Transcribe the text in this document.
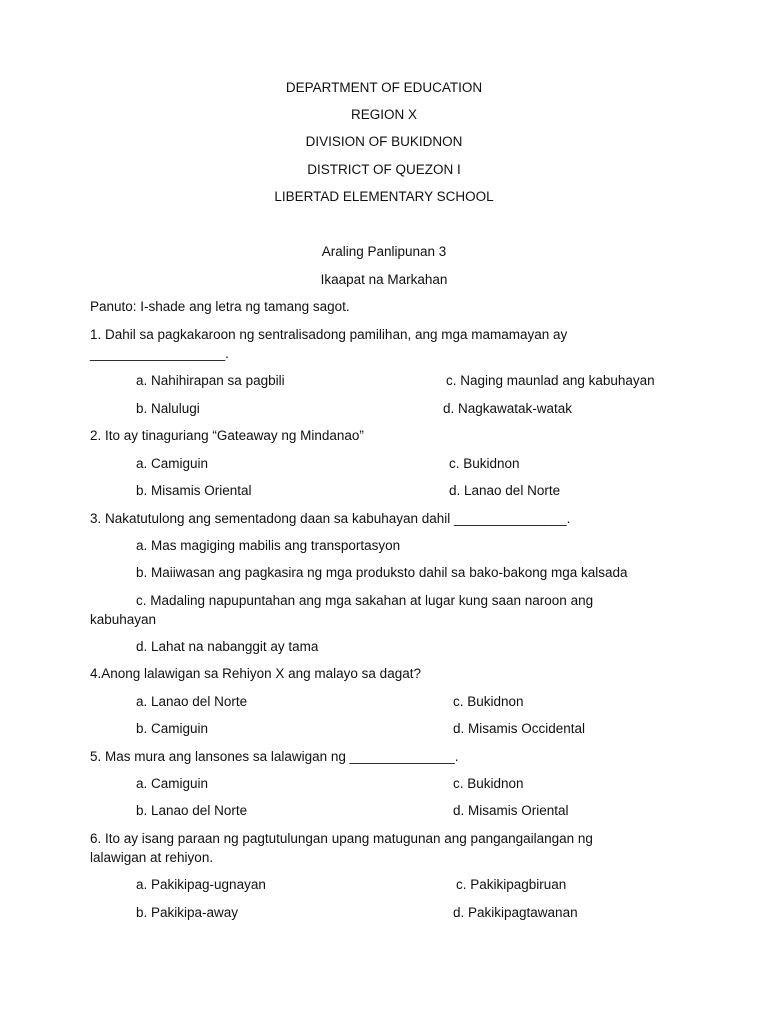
DEPARTMENT OF EDUCATION
REGION X
DIVISION OF BUKIDNON
DISTRICT OF QUEZON I
LIBERTAD ELEMENTARY SCHOOL
Araling Panlipunan 3
Ikaapat na Markahan
Panuto: I-shade ang letra ng tamang sagot.
1. Dahil sa pagkakaroon ng sentralisadong pamilihan, ang mga mamamayan ay
__________________.
a. Nahihirapan sa pagbili	c. Naging maunlad ang kabuhayan
b. Nalulugi	d. Nagkawatak-watak
2. Ito ay tinaguriang “Gateaway ng Mindanao”
a. Camiguin	c. Bukidnon
b. Misamis Oriental	d. Lanao del Norte
3. Nakatutulong ang sementadong daan sa kabuhayan dahil _______________.
a. Mas magiging mabilis ang transportasyon
b. Maiiwasan ang pagkasira ng mga produksto dahil sa bako-bakong mga kalsada
c. Madaling napupuntahan ang mga sakahan at lugar kung saan naroon ang
kabuhayan
d. Lahat na nabanggit ay tama
4.Anong lalawigan sa Rehiyon X ang malayo sa dagat?
a. Lanao del Norte	c. Bukidnon
b. Camiguin	d. Misamis Occidental
5. Mas mura ang lansones sa lalawigan ng ______________.
a. Camiguin	c. Bukidnon
b. Lanao del Norte	d. Misamis Oriental
6. Ito ay isang paraan ng pagtutulungan upang matugunan ang pangangailangan ng
lalawigan at rehiyon.
a. Pakikipag-ugnayan	c. Pakikipagbiruan
b. Pakikipa-away	d. Pakikipagtawanan
